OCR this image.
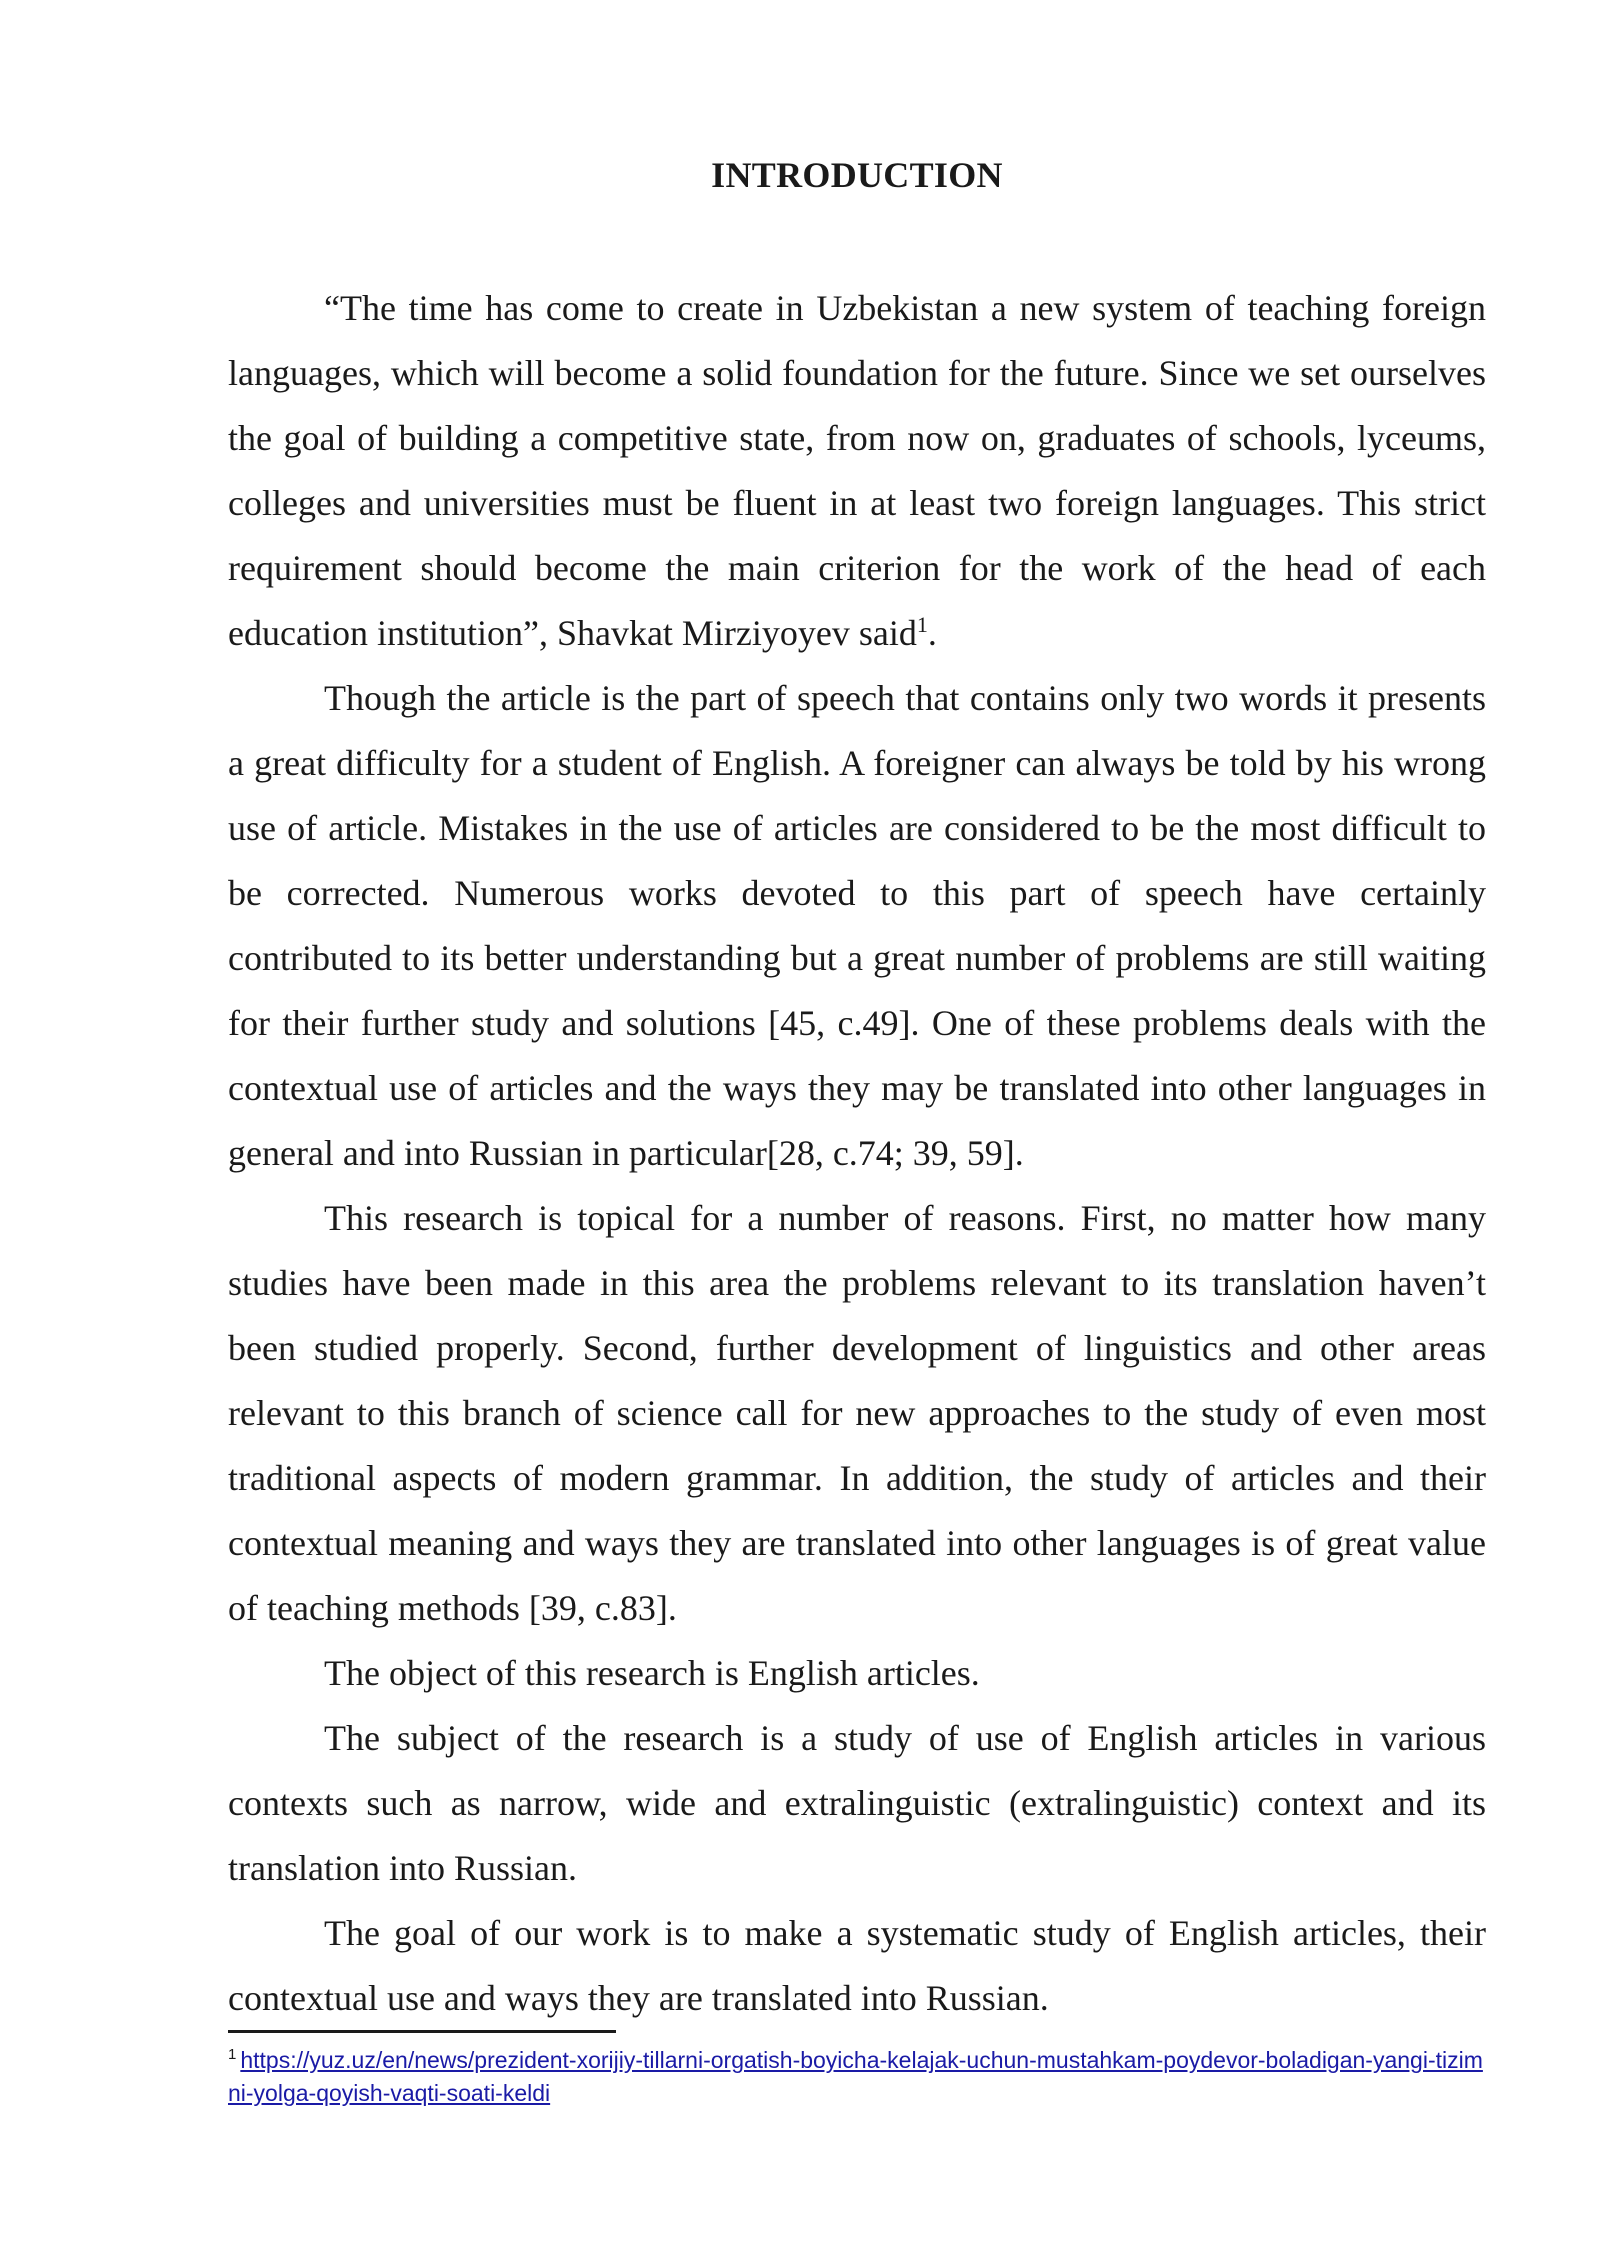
INTRODUCTION

“The time has come to create in Uzbekistan a new system of teaching foreign languages, which will become a solid foundation for the future. Since we set ourselves the goal of building a competitive state, from now on, graduates of schools, lyceums, colleges and universities must be fluent in at least two foreign languages. This strict requirement should become the main criterion for the work of the head of each education institution”, Shavkat Mirziyoyev said$^1$.

Though the article is the part of speech that contains only two words it presents a great difficulty for a student of English. A foreigner can always be told by his wrong use of article. Mistakes in the use of articles are considered to be the most difficult to be corrected. Numerous works devoted to this part of speech have certainly contributed to its better understanding but a great number of problems are still waiting for their further study and solutions [45, c.49]. One of these problems deals with the contextual use of articles and the ways they may be translated into other languages in general and into Russian in particular[28, c.74; 39, 59].

This research is topical for a number of reasons. First, no matter how many studies have been made in this area the problems relevant to its translation haven’t been studied properly. Second, further development of linguistics and other areas relevant to this branch of science call for new approaches to the study of even most traditional aspects of modern grammar. In addition, the study of articles and their contextual meaning and ways they are translated into other languages is of great value of teaching methods [39, c.83].

The object of this research is English articles.

The subject of the research is a study of use of English articles in various contexts such as narrow, wide and extralinguistic (extralinguistic) context and its translation into Russian.

The goal of our work is to make a systematic study of English articles, their contextual use and ways they are translated into Russian.

$^1$ https://yuz.uz/en/news/prezident-xorijiy-tillarni-orgatish-boyicha-kelajak-uchun-mustahkam-poydevor-boladigan-yangi-tizimni-yolga-qoyish-vaqti-soati-keldi
